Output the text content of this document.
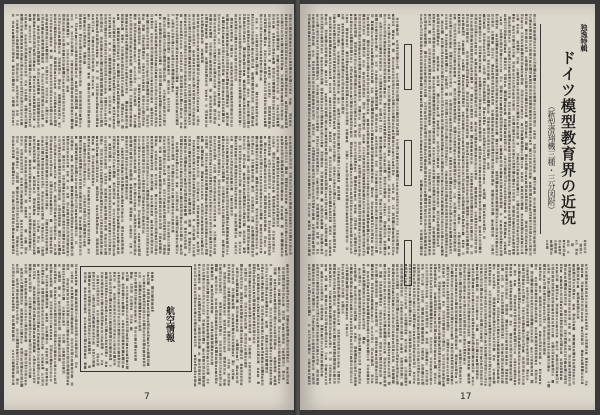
航空情報
7
独逸特輯
ドイツ模型教育界の近況
（新型滑翔機三種・三分図附）
17
